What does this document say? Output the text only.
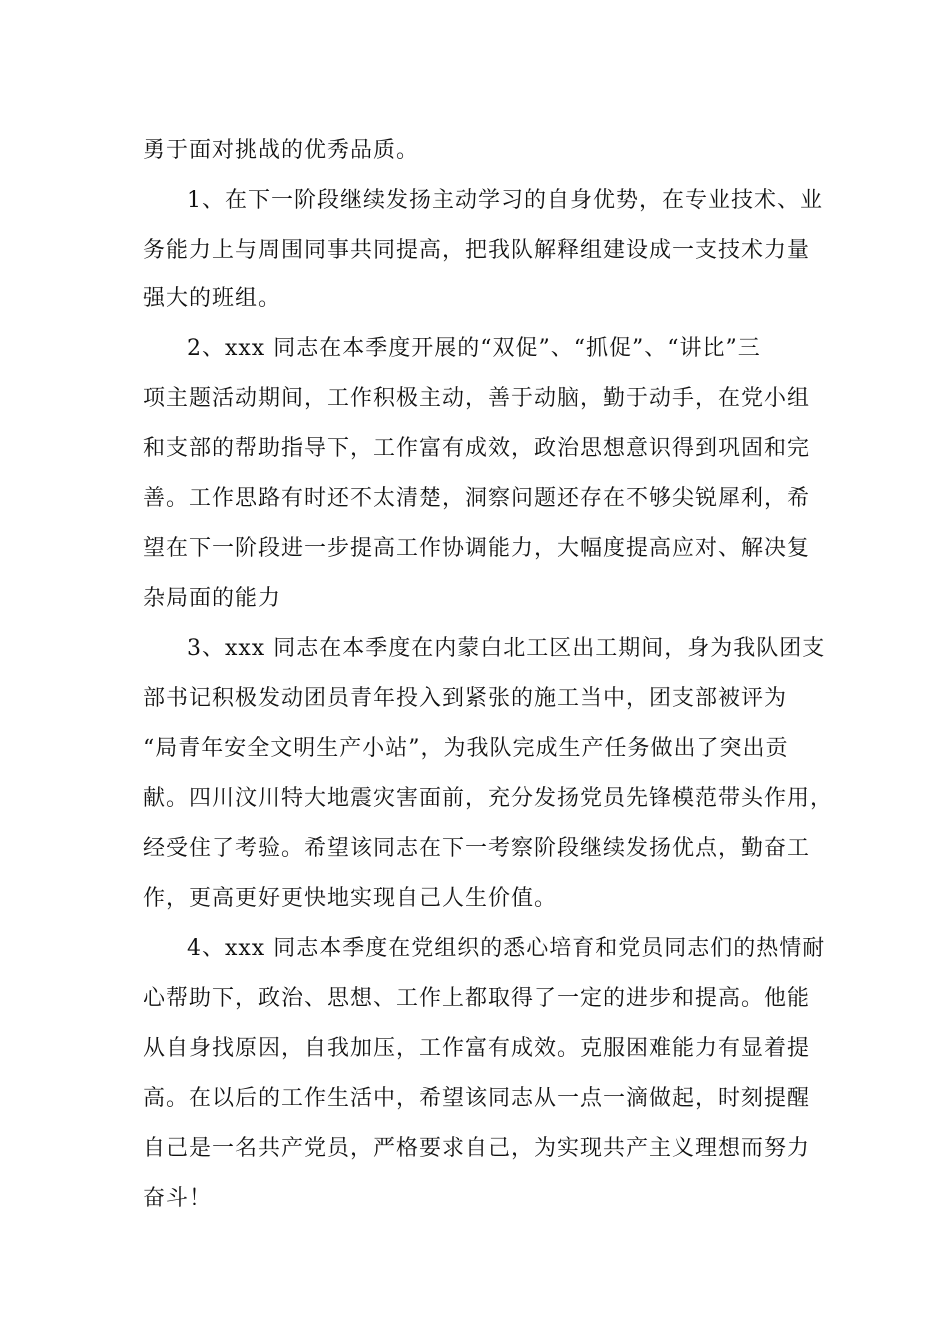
勇于面对挑战的优秀品质。
1、在下一阶段继续发扬主动学习的自身优势，在专业技术、业
务能力上与周围同事共同提高，把我队解释组建设成一支技术力量
强大的班组。
2、xxx 同志在本季度开展的“双促”、“抓促”、“讲比”三
项主题活动期间，工作积极主动，善于动脑，勤于动手，在党小组
和支部的帮助指导下，工作富有成效，政治思想意识得到巩固和完
善。工作思路有时还不太清楚，洞察问题还存在不够尖锐犀利，希
望在下一阶段进一步提高工作协调能力，大幅度提高应对、解决复
杂局面的能力
3、xxx 同志在本季度在内蒙白北工区出工期间，身为我队团支
部书记积极发动团员青年投入到紧张的施工当中，团支部被评为
“局青年安全文明生产小站”，为我队完成生产任务做出了突出贡
献。四川汶川特大地震灾害面前，充分发扬党员先锋模范带头作用，
经受住了考验。希望该同志在下一考察阶段继续发扬优点，勤奋工
作，更高更好更快地实现自己人生价值。
4、xxx 同志本季度在党组织的悉心培育和党员同志们的热情耐
心帮助下，政治、思想、工作上都取得了一定的进步和提高。他能
从自身找原因，自我加压，工作富有成效。克服困难能力有显着提
高。在以后的工作生活中，希望该同志从一点一滴做起，时刻提醒
自己是一名共产党员，严格要求自己，为实现共产主义理想而努力
奋斗！
